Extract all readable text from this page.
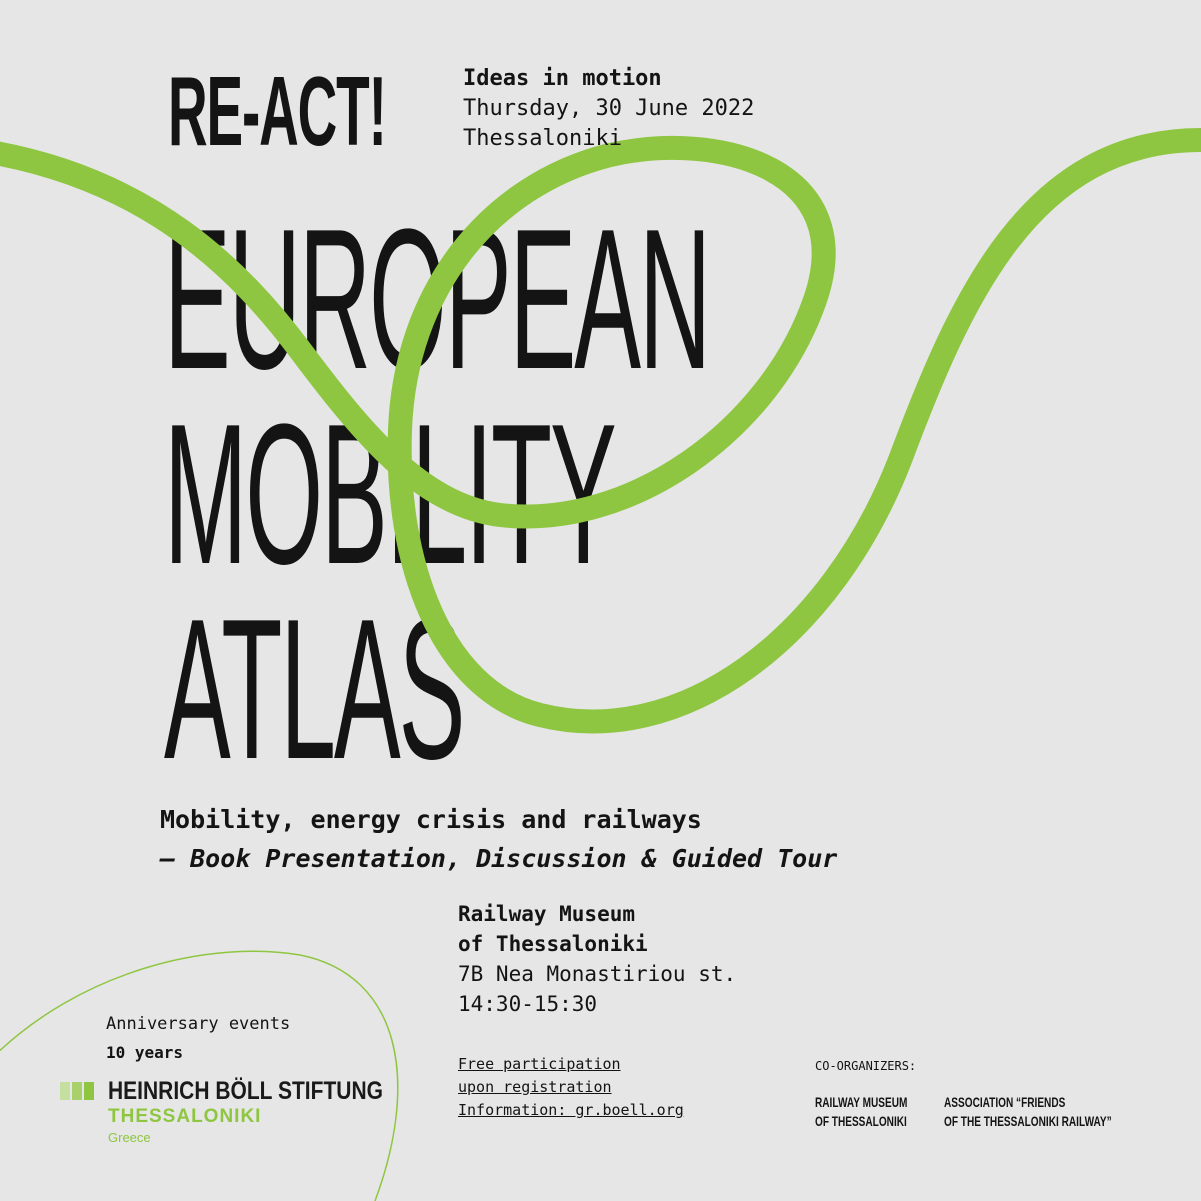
RE-ACT!	Ideas in motion
Thursday, 30 June 2022
Thessaloniki
EUROPEAN
MOBILITY
ATLAS
Mobility, energy crisis and railways
— Book Presentation, Discussion & Guided Tour
Railway Museum
of Thessaloniki
7B Nea Monastiriou st.
14:30-15:30
Free participation
upon registration
Information: gr.boell.org
Anniversary events
10 years
HEINRICH BÖLL STIFTUNG
THESSALONIKI
Greece
CO-ORGANIZERS:
RAILWAY MUSEUM
OF THESSALONIKI
ASSOCIATION “FRIENDS
OF THE THESSALONIKI RAILWAY”
